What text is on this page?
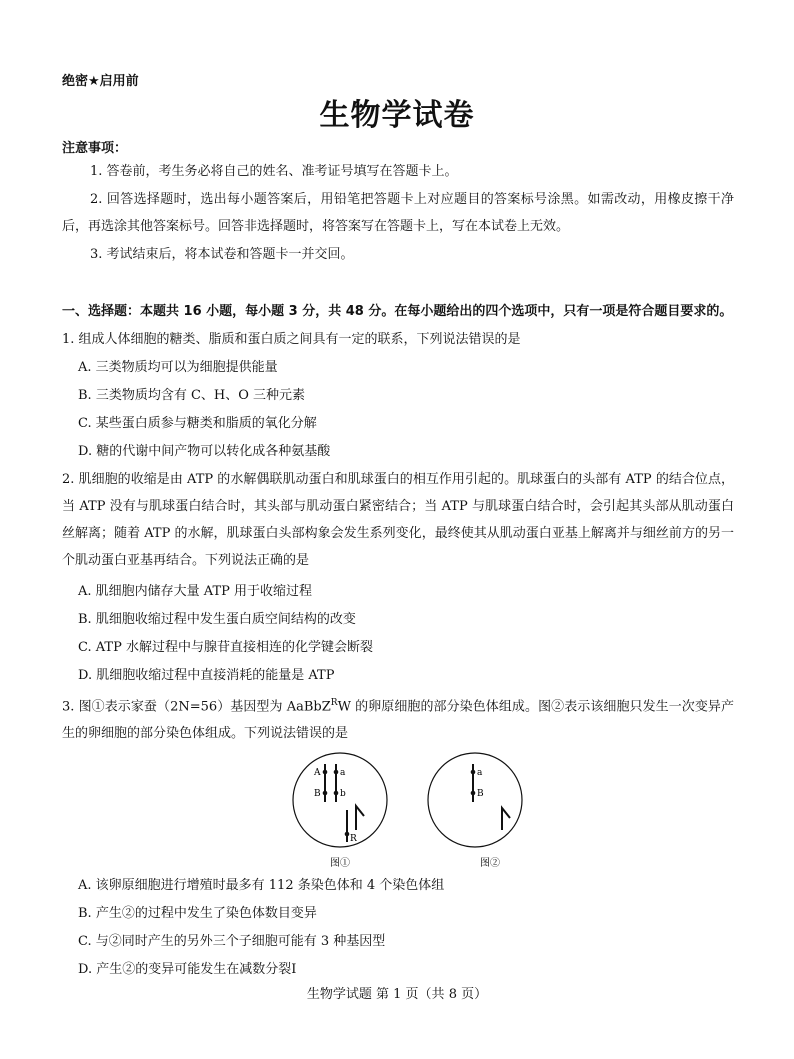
绝密★启用前
生物学试卷
注意事项：
1. 答卷前，考生务必将自己的姓名、准考证号填写在答题卡上。
2. 回答选择题时，选出每小题答案后，用铅笔把答题卡上对应题目的答案标号涂黑。如需改动，用橡皮擦干净后，再选涂其他答案标号。回答非选择题时，将答案写在答题卡上，写在本试卷上无效。
3. 考试结束后，将本试卷和答题卡一并交回。
一、选择题：本题共 16 小题，每小题 3 分，共 48 分。在每小题给出的四个选项中，只有一项是符合题目要求的。
1. 组成人体细胞的糖类、脂质和蛋白质之间具有一定的联系，下列说法错误的是
A. 三类物质均可以为细胞提供能量
B. 三类物质均含有 C、H、O 三种元素
C. 某些蛋白质参与糖类和脂质的氧化分解
D. 糖的代谢中间产物可以转化成各种氨基酸
2. 肌细胞的收缩是由 ATP 的水解偶联肌动蛋白和肌球蛋白的相互作用引起的。肌球蛋白的头部有 ATP 的结合位点，当 ATP 没有与肌球蛋白结合时，其头部与肌动蛋白紧密结合；当 ATP 与肌球蛋白结合时，会引起其头部从肌动蛋白丝解离；随着 ATP 的水解，肌球蛋白头部构象会发生系列变化，最终使其从肌动蛋白亚基上解离并与细丝前方的另一个肌动蛋白亚基再结合。下列说法正确的是
A. 肌细胞内储存大量 ATP 用于收缩过程
B. 肌细胞收缩过程中发生蛋白质空间结构的改变
C. ATP 水解过程中与腺苷直接相连的化学键会断裂
D. 肌细胞收缩过程中直接消耗的能量是 ATP
3. 图①表示家蚕（2N=56）基因型为 AaBbZ$^R$W 的卵原细胞的部分染色体组成。图②表示该细胞只发生一次变异产生的卵细胞的部分染色体组成。下列说法错误的是
A a
B b
R
图①
a
B
图②
A. 该卵原细胞进行增殖时最多有 112 条染色体和 4 个染色体组
B. 产生②的过程中发生了染色体数目变异
C. 与②同时产生的另外三个子细胞可能有 3 种基因型
D. 产生②的变异可能发生在减数分裂Ⅰ
生物学试题 第 1 页（共 8 页）
